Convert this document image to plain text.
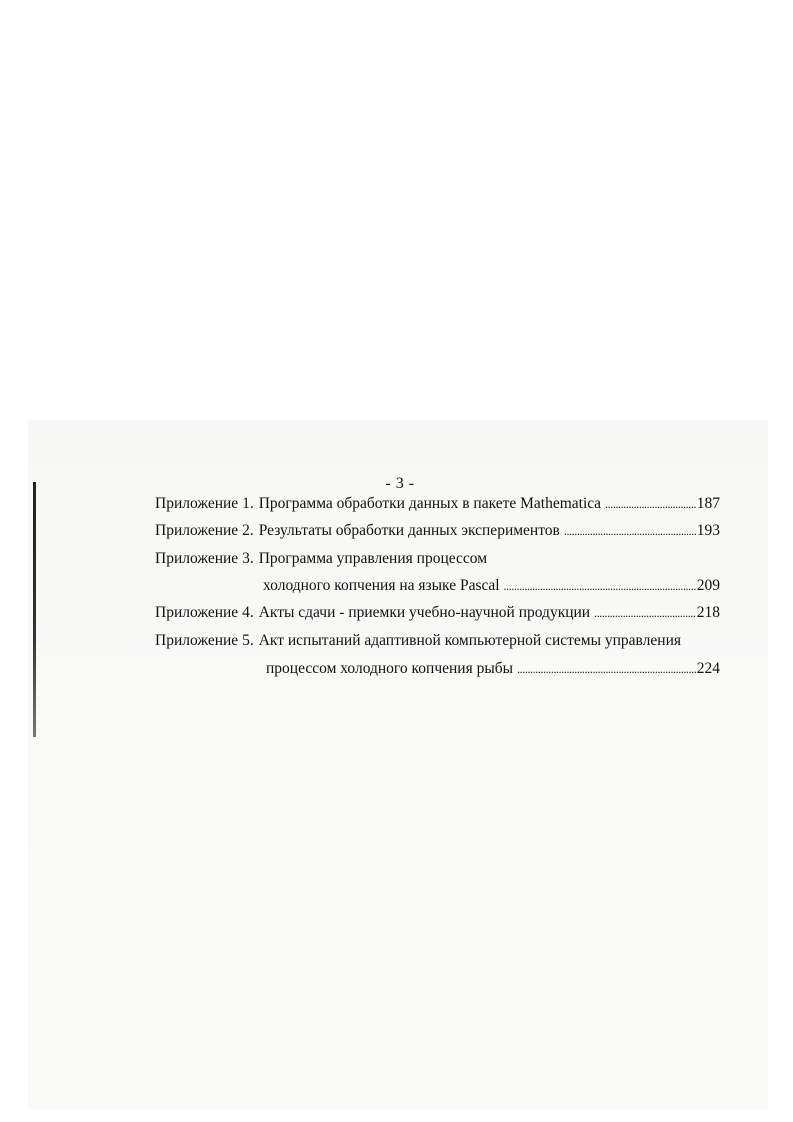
- 3 -
Приложение 1. Программа обработки данных в пакете Mathematica . . .	187
Приложение 2. Результаты обработки данных экспериментов . . .	193
Приложение 3. Программа управления процессом
холодного копчения на языке Pascal . . .	209
Приложение 4. Акты сдачи - приемки учебно-научной продукции . . .	218
Приложение 5. Акт испытаний адаптивной компьютерной системы управления
процессом холодного копчения рыбы . . .	224
